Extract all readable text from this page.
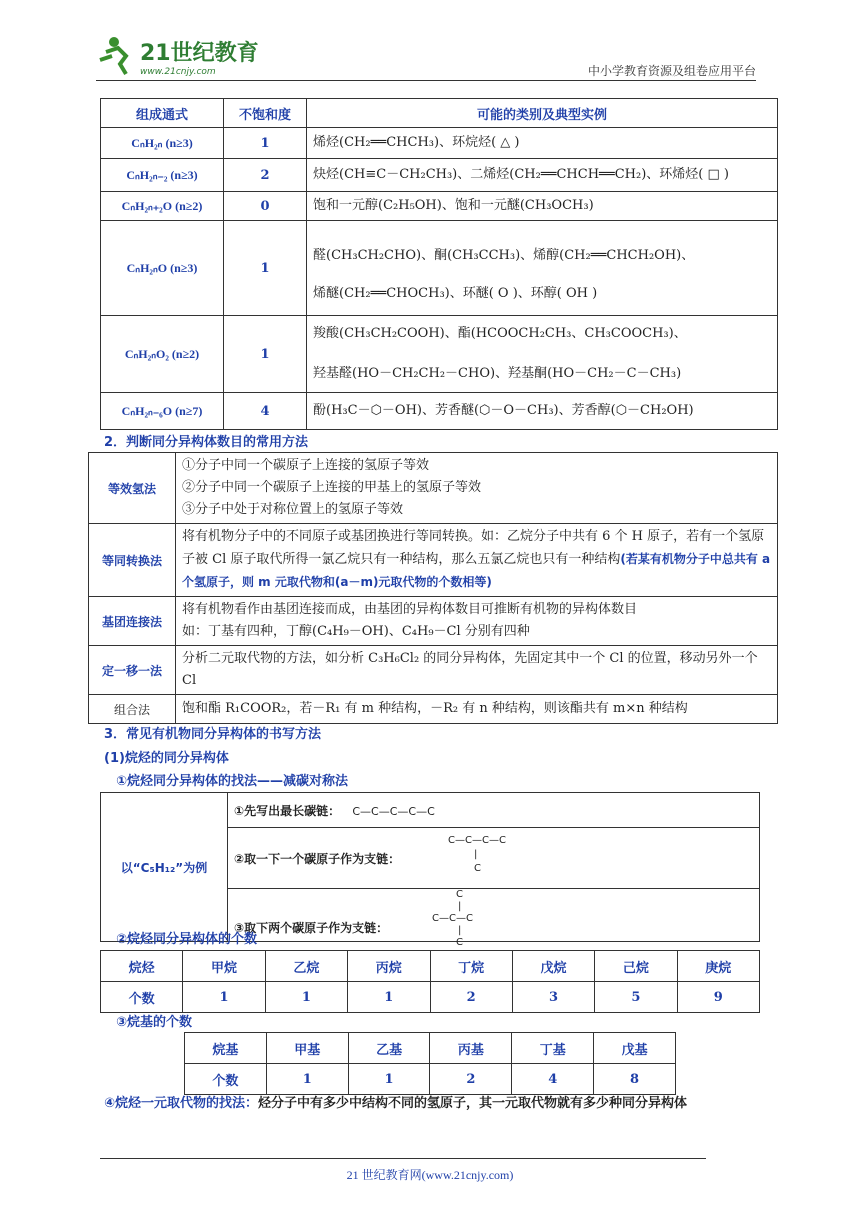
21世纪教育
www.21cnjy.com	中小学教育资源及组卷应用平台
组成通式	不饱和度	可能的类别及典型实例
CₙH₂ₙ (n≥3)	1	烯烃(CH₂══CHCH₃)、环烷烃( △ )
CₙH₂ₙ₋₂ (n≥3)	2	炔烃(CH≡C－CH₂CH₃)、二烯烃(CH₂══CHCH══CH₂)、环烯烃( □ )
CₙH₂ₙ₊₂O (n≥2)	0	饱和一元醇(C₂H₅OH)、饱和一元醚(CH₃OCH₃)
CₙH₂ₙO (n≥3)	1	醛(CH₃CH₂CHO)、酮(CH₃CCH₃)、烯醇(CH₂══CHCH₂OH)、
烯醚(CH₂══CHOCH₃)、环醚( O )、环醇( OH )

CₙH₂ₙO₂ (n≥2)	1	羧酸(CH₃CH₂COOH)、酯(HCOOCH₂CH₃、CH₃COOCH₃)、
羟基醛(HO－CH₂CH₂－CHO)、羟基酮(HO－CH₂－C－CH₃)

CₙH₂ₙ₋₆O (n≥7)	4	酚(H₃C－⬡－OH)、芳香醚(⬡－O－CH₃)、芳香醇(⬡－CH₂OH)
2．判断同分异构体数目的常用方法
等效氢法	①分子中同一个碳原子上连接的氢原子等效
②分子中同一个碳原子上连接的甲基上的氢原子等效
③分子中处于对称位置上的氢原子等效

等同转换法	将有机物分子中的不同原子或基团换进行等同转换。如：乙烷分子中共有 6 个 H 原子，若有一个氢原子被 Cl 原子取代所得一氯乙烷只有一种结构，那么五氯乙烷也只有一种结构(若某有机物分子中总共有 a 个氢原子，则 m 元取代物和(a－m)元取代物的个数相等)
基团连接法	将有机物看作由基团连接而成，由基团的异构体数目可推断有机物的异构体数目
如：丁基有四种，丁醇(C₄H₉－OH)、C₄H₉－Cl 分别有四种

定一移一法	分析二元取代物的方法，如分析 C₃H₆Cl₂ 的同分异构体，先固定其中一个 Cl 的位置，移动另外一个 Cl
组合法	饱和酯 R₁COOR₂，若－R₁ 有 m 种结构，－R₂ 有 n 种结构，则该酯共有 m×n 种结构
3．常见有机物同分异构体的书写方法
(1)烷烃的同分异构体
①烷烃同分异构体的找法——减碳对称法
以“C₅H₁₂”为例	①先写出最长碳链： C—C—C—C—C
②取一下一个碳原子作为支链：
C—C—C—C
|
C

③取下两个碳原子作为支链：
C
|
C—C—C
|
C
②烷烃同分异构体的个数
烷烃	甲烷	乙烷	丙烷	丁烷	戊烷	己烷	庚烷
个数	1	1	1	2	3	5	9
③烷基的个数
烷基	甲基	乙基	丙基	丁基	戊基
个数	1	1	2	4	8
④烷烃一元取代物的找法：烃分子中有多少中结构不同的氢原子，其一元取代物就有多少种同分异构体
21 世纪教育网(www.21cnjy.com)
